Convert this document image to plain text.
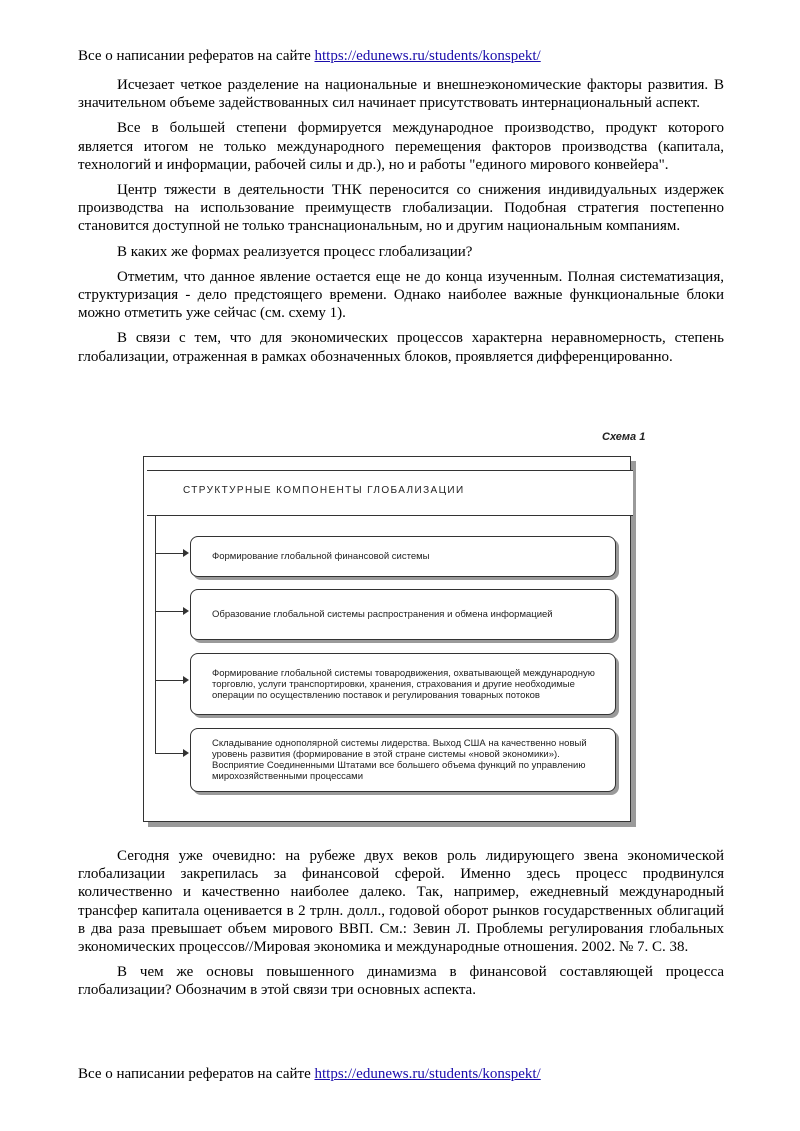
Все о написании рефератов на сайте https://edunews.ru/students/konspekt/

Исчезает четкое разделение на национальные и внешнеэкономические факторы развития. В значительном объеме задействованных сил начинает присутствовать интернациональный аспект.

Все в большей степени формируется международное производство, продукт которого является итогом не только международного перемещения факторов производства (капитала, технологий и информации, рабочей силы и др.), но и работы "единого мирового конвейера".

Центр тяжести в деятельности ТНК переносится со снижения индивидуальных издержек производства на использование преимуществ глобализации. Подобная стратегия постепенно становится доступной не только транснациональным, но и другим национальным компаниям.

В каких же формах реализуется процесс глобализации?

Отметим, что данное явление остается еще не до конца изученным. Полная систематизация, структуризация - дело предстоящего времени. Однако наиболее важные функциональные блоки можно отметить уже сейчас (см. схему 1).

В связи с тем, что для экономических процессов характерна неравномерность, степень глобализации, отраженная в рамках обозначенных блоков, проявляется дифференцированно.

Схема 1
СТРУКТУРНЫЕ КОМПОНЕНТЫ ГЛОБАЛИЗАЦИИ
Формирование глобальной финансовой системы
Образование глобальной системы распространения и обмена информацией
Формирование глобальной системы товародвижения, охватывающей международную торговлю, услуги транспортировки, хранения, страхования и другие необходимые операции по осуществлению поставок и регулирования товарных потоков
Складывание однополярной системы лидерства. Выход США на качественно новый уровень развития (формирование в этой стране системы «новой экономики»). Восприятие Соединенными Штатами все большего объема функций по управлению мирохозяйственными процессами

Сегодня уже очевидно: на рубеже двух веков роль лидирующего звена экономической глобализации закрепилась за финансовой сферой. Именно здесь процесс продвинулся количественно и качественно наиболее далеко. Так, например, ежедневный международный трансфер капитала оценивается в 2 трлн. долл., годовой оборот рынков государственных облигаций в два раза превышает объем мирового ВВП. См.: Зевин Л. Проблемы регулирования глобальных экономических процессов//Мировая экономика и международные отношения. 2002. № 7. С. 38.

В чем же основы повышенного динамизма в финансовой составляющей процесса глобализации? Обозначим в этой связи три основных аспекта.

Все о написании рефератов на сайте https://edunews.ru/students/konspekt/
